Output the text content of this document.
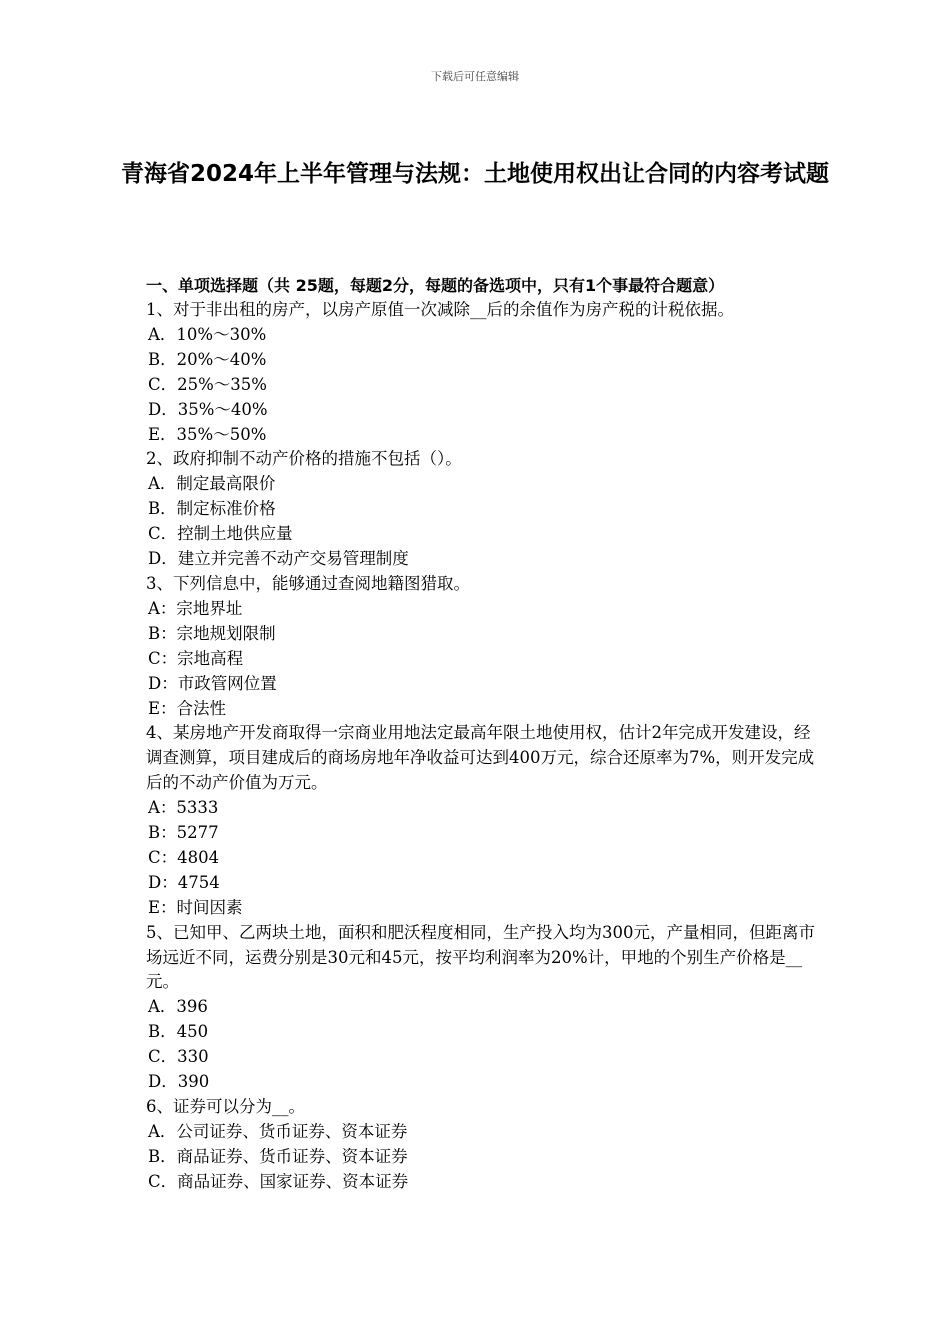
下载后可任意编辑
青海省2024年上半年管理与法规：土地使用权出让合同的内容考试题
一、单项选择题（共 25题，每题2分，每题的备选项中，只有1个事最符合题意）
1、对于非出租的房产，以房产原值一次减除__后的余值作为房产税的计税依据。
A．10%～30%
B．20%～40%
C．25%～35%
D．35%～40%
E．35%～50%
2、政府抑制不动产价格的措施不包括（）。
A．制定最高限价
B．制定标准价格
C．控制土地供应量
D．建立并完善不动产交易管理制度
3、下列信息中，能够通过查阅地籍图猎取。
A：宗地界址
B：宗地规划限制
C：宗地高程
D：市政管网位置
E：合法性
4、某房地产开发商取得一宗商业用地法定最高年限土地使用权，估计2年完成开发建设，经调查测算，项目建成后的商场房地年净收益可达到400万元，综合还原率为7%，则开发完成后的不动产价值为万元。
A：5333
B：5277
C：4804
D：4754
E：时间因素
5、已知甲、乙两块土地，面积和肥沃程度相同，生产投入均为300元，产量相同，但距离市场远近不同，运费分别是30元和45元，按平均利润率为20%计，甲地的个别生产价格是__元。
A．396
B．450
C．330
D．390
6、证券可以分为__。
A．公司证券、货币证券、资本证券
B．商品证券、货币证券、资本证券
C．商品证券、国家证券、资本证券
